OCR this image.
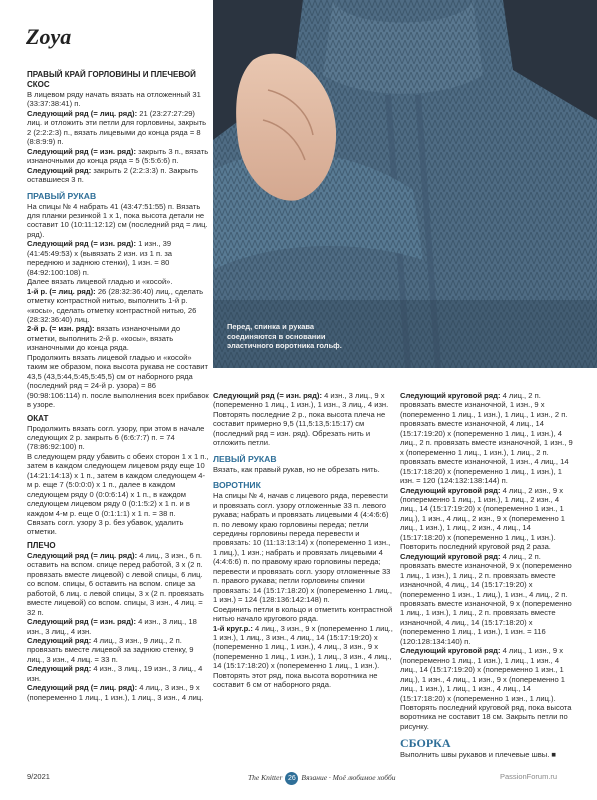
Zoya
Перед, спинка и рукава соединяются в основании эластичного воротника гольф.

ПРАВЫЙ КРАЙ ГОРЛОВИНЫ И ПЛЕЧЕВОЙ СКОС

В лицевом ряду начать вязать на отложенный 31 (33:37:38:41) п.

Следующий ряд (= лиц. ряд): 21 (23:27:27:29) лиц. и отложить эти петли для горловины, закрыть 2 (2:2:2:3) п., вязать лицевыми до конца ряда = 8 (8:8:9:9) п.

Следующий ряд (= изн. ряд): закрыть 3 п., вязать изнаночными до конца ряда = 5 (5:5:6:6) п.

Следующий ряд: закрыть 2 (2:2:3:3) п. Закрыть оставшиеся 3 п.

ПРАВЫЙ РУКАВ

На спицы № 4 набрать 41 (43:47:51:55) п. Вязать для планки резинкой 1 х 1, пока высота детали не составит 10 (10:11:12:12) см (последний ряд = лиц. ряд).

Следующий ряд (= изн. ряд): 1 изн., 39 (41:45:49:53) х (вывязать 2 изн. из 1 п. за переднюю и заднюю стенки), 1 изн. = 80 (84:92:100:108) п.

Далее вязать лицевой гладью и «косой».

1-й р. (= лиц. ряд): 26 (28:32:36:40) лиц., сделать отметку контрастной нитью, выполнить 1-й р. «косы», сделать отметку контрастной нитью, 26 (28:32:36:40) лиц.

2-й р. (= изн. ряд): вязать изнаночными до отметки, выполнить 2-й р. «косы», вязать изнаночными до конца ряда.

Продолжить вязать лицевой гладью и «косой» таким же образом, пока высота рукава не составит 43,5 (43,5:44,5:45,5:45,5) см от наборного ряда (последний ряд = 24-й р. узора) = 86 (90:98:106:114) п. после выполнения всех прибавок в узоре.

ОКАТ

Продолжить вязать согл. узору, при этом в начале следующих 2 р. закрыть 6 (6:6:7:7) п. = 74 (78:86:92:100) п.

В следующем ряду убавить с обеих сторон 1 х 1 п., затем в каждом следующем лицевом ряду еще 10 (14:21:14:13) х 1 п., затем в каждом следующем 4-м р. еще 7 (5:0:0:0) х 1 п., далее в каждом следующем ряду 0 (0:0:6:14) х 1 п., в каждом следующем лицевом ряду 0 (0:1:5:2) х 1 п. и в каждом 4-м р. еще 0 (0:1:1:1) х 1 п. = 38 п.

Связать согл. узору 3 р. без убавок, удалить отметки.

ПЛЕЧО

Следующий ряд (= лиц. ряд): 4 лиц., 3 изн., 6 п. оставить на вспом. спице перед работой, 3 х (2 п. провязать вместе лицевой) с левой спицы, 6 лиц. со вспом. спицы, 6 оставить на вспом. спице за работой, 6 лиц. с левой спицы, 3 х (2 п. провязать вместе лицевой) со вспом. спицы, 3 изн., 4 лиц. = 32 п.

Следующий ряд (= изн. ряд): 4 изн., 3 лиц., 18 изн., 3 лиц., 4 изн.

Следующий ряд: 4 лиц., 3 изн., 9 лиц., 2 п. провязать вместе лицевой за заднюю стенку, 9 лиц., 3 изн., 4 лиц. = 33 п.

Следующий ряд: 4 изн., 3 лиц., 19 изн., 3 лиц., 4 изн.

Следующий ряд (= лиц. ряд): 4 лиц., 3 изн., 9 х (попеременно 1 лиц., 1 изн.), 1 лиц., 3 изн., 4 лиц.

Следующий ряд (= изн. ряд): 4 изн., 3 лиц., 9 х (попеременно 1 лиц., 1 изн.), 1 изн., 3 лиц., 4 изн.

Повторять последние 2 р., пока высота плеча не составит примерно 9,5 (11,5:13,5:15:17) см (последний ряд = изн. ряд). Обрезать нить и отложить петли.

ЛЕВЫЙ РУКАВ

Вязать, как правый рукав, но не обрезать нить.

ВОРОТНИК

На спицы № 4, начав с лицевого ряда, перевести и провязать согл. узору отложенные 33 п. левого рукава; набрать и провязать лицевыми 4 (4:4:6:6) п. по левому краю горловины переда; петли середины горловины переда перевести и провязать: 10 (11:13:13:14) х (попеременно 1 изн., 1 лиц.), 1 изн.; набрать и провязать лицевыми 4 (4:4:6:6) п. по правому краю горловины переда; перевести и провязать согл. узору отложенные 33 п. правого рукава; петли горловины спинки провязать: 14 (15:17:18:20) х (попеременно 1 лиц., 1 изн.) = 124 (128:136:142:148) п.

Соединить петли в кольцо и отметить контрастной нитью начало кругового ряда.

1-й круг.р.: 4 лиц., 3 изн., 9 х (попеременно 1 лиц., 1 изн.), 1 лиц., 3 изн., 4 лиц., 14 (15:17:19:20) х (попеременно 1 лиц., 1 изн.), 4 лиц., 3 изн., 9 х (попеременно 1 лиц., 1 изн.), 1 лиц., 3 изн., 4 лиц., 14 (15:17:18:20) х (попеременно 1 лиц., 1 изн.).

Повторять этот ряд, пока высота воротника не составит 6 см от наборного ряда.

Следующий круговой ряд: 4 лиц., 2 п. провязать вместе изнаночной, 1 изн., 9 х (попеременно 1 лиц., 1 изн.), 1 лиц., 1 изн., 2 п. провязать вместе изнаночной, 4 лиц., 14 (15:17:19:20) х (попеременно 1 лиц., 1 изн.), 4 лиц., 2 п. провязать вместе изнаночной, 1 изн., 9 х (попеременно 1 лиц., 1 изн.), 1 лиц., 2 п. провязать вместе изнаночной, 1 изн., 4 лиц., 14 (15:17:18:20) х (попеременно 1 лиц., 1 изн.), 1 изн. = 120 (124:132:138:144) п.

Следующий круговой ряд: 4 лиц., 2 изн., 9 х (попеременно 1 лиц., 1 изн.), 1 лиц., 2 изн., 4 лиц., 14 (15:17:19:20) х (попеременно 1 изн., 1 лиц.), 1 изн., 4 лиц., 2 изн., 9 х (попеременно 1 лиц., 1 изн.), 1 лиц., 2 изн., 4 лиц., 14 (15:17:18:20) х (попеременно 1 лиц., 1 изн.).

Повторить последний круговой ряд 2 раза.

Следующий круговой ряд: 4 лиц., 2 п. провязать вместе изнаночной, 9 х (попеременно 1 лиц., 1 изн.), 1 лиц., 2 п. провязать вместе изнаночной, 4 лиц., 14 (15:17:19:20) х (попеременно 1 изн., 1 лиц.), 1 изн., 4 лиц., 2 п. провязать вместе изнаночной, 9 х (попеременно 1 лиц., 1 изн.), 1 лиц., 2 п. провязать вместе изнаночной, 4 лиц., 14 (15:17:18:20) х (попеременно 1 лиц., 1 изн.), 1 изн. = 116 (120:128:134:140) п.

Следующий круговой ряд: 4 лиц., 1 изн., 9 х (попеременно 1 лиц., 1 изн.), 1 лиц., 1 изн., 4 лиц., 14 (15:17:19:20) х (попеременно 1 изн., 1 лиц.), 1 изн., 4 лиц., 1 изн., 9 х (попеременно 1 лиц., 1 изн.), 1 лиц., 1 изн., 4 лиц., 14 (15:17:18:20) х (попеременно 1 изн., 1 лиц.).

Повторять последний круговой ряд, пока высота воротника не составит 18 см. Закрыть петли по рисунку.

СБОРКА

Выполнить швы рукавов и плечевые швы. ■

9/2021	The Knitter 26 Вязание · Моё любимое хобби	PassionForum.ru
